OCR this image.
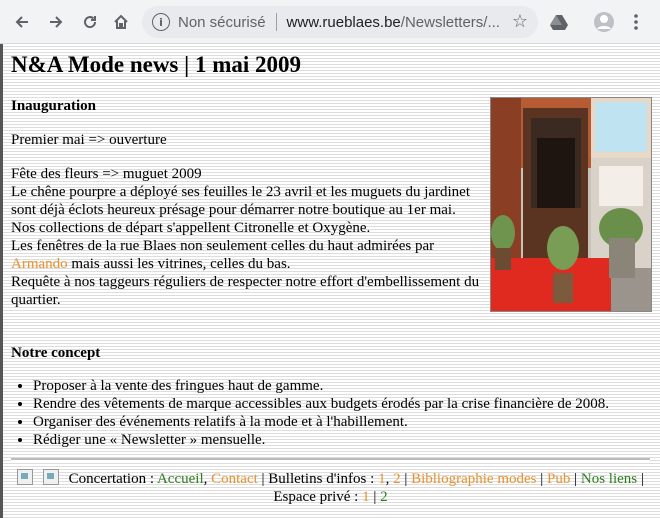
i	Non sécurisé www.rueblaes.be /Newsletters/... ☆
N&A Mode news | 1 mai 2009
Inauguration

Premier mai => ouverture

Fête des fleurs => muguet 2009

Le chêne pourpre a déployé ses feuilles le 23 avril et les muguets du jardinet sont déjà éclots heureux présage pour démarrer notre boutique au 1er mai.

Nos collections de départ s'appellent Citronelle et Oxygène.

Les fenêtres de la rue Blaes non seulement celles du haut admirées par Armando mais aussi les vitrines, celles du bas.

Requête à nos taggeurs réguliers de respecter notre effort d'embellissement du quartier.

Notre concept
• Proposer à la vente des fringues haut de gamme.
• Rendre des vêtements de marque accessibles aux budgets érodés par la crise financière de 2008.
• Organiser des événements relatifs à la mode et à l'habillement.
• Rédiger une « Newsletter » mensuelle.
Concertation : Accueil, Contact | Bulletins d'infos : 1, 2 | Bibliographie modes | Pub | Nos liens | Espace privé : 1 | 2
